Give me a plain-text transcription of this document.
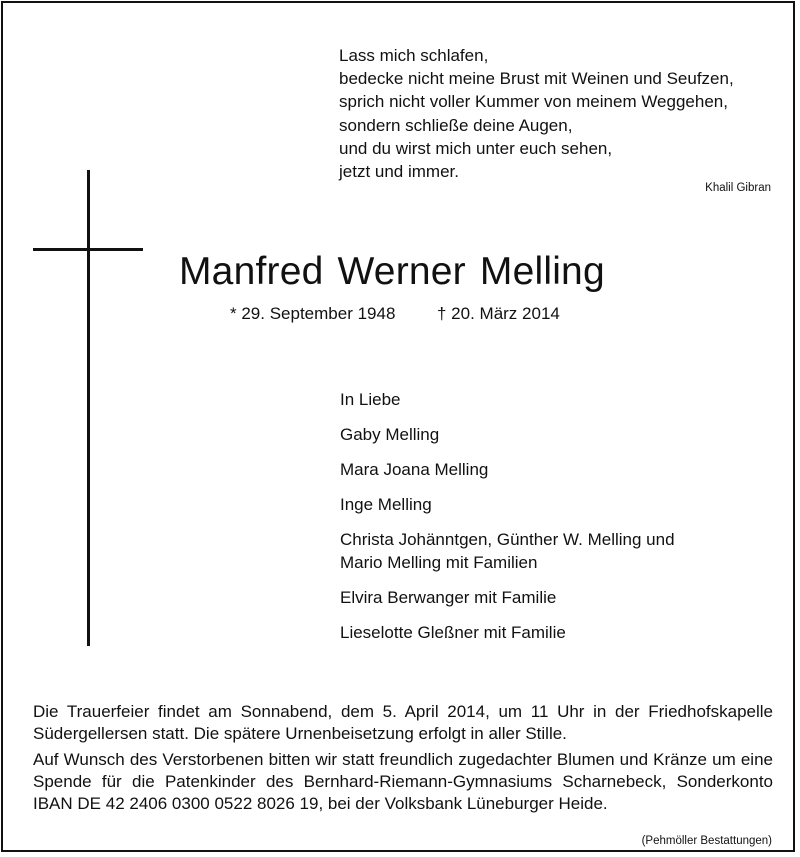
Lass mich schlafen,
bedecke nicht meine Brust mit Weinen und Seufzen,
sprich nicht voller Kummer von meinem Weggehen,
sondern schließe deine Augen,
und du wirst mich unter euch sehen,
jetzt und immer.
Khalil Gibran
Manfred Werner Melling
* 29. September 1948 † 20. März 2014
In Liebe
Gaby Melling
Mara Joana Melling
Inge Melling
Christa Johänntgen, Günther W. Melling und
Mario Melling mit Familien
Elvira Berwanger mit Familie
Lieselotte Gleßner mit Familie
Die Trauerfeier findet am Sonnabend, dem 5. April 2014, um 11 Uhr in der Friedhofskapelle Südergellersen statt. Die spätere Urnenbeisetzung erfolgt in aller Stille.
Auf Wunsch des Verstorbenen bitten wir statt freundlich zugedachter Blumen und Kränze um eine Spende für die Patenkinder des Bernhard-Riemann-Gymnasiums Scharnebeck, Sonderkonto IBAN DE 42 2406 0300 0522 8026 19, bei der Volksbank Lüneburger Heide.
(Pehmöller Bestattungen)
